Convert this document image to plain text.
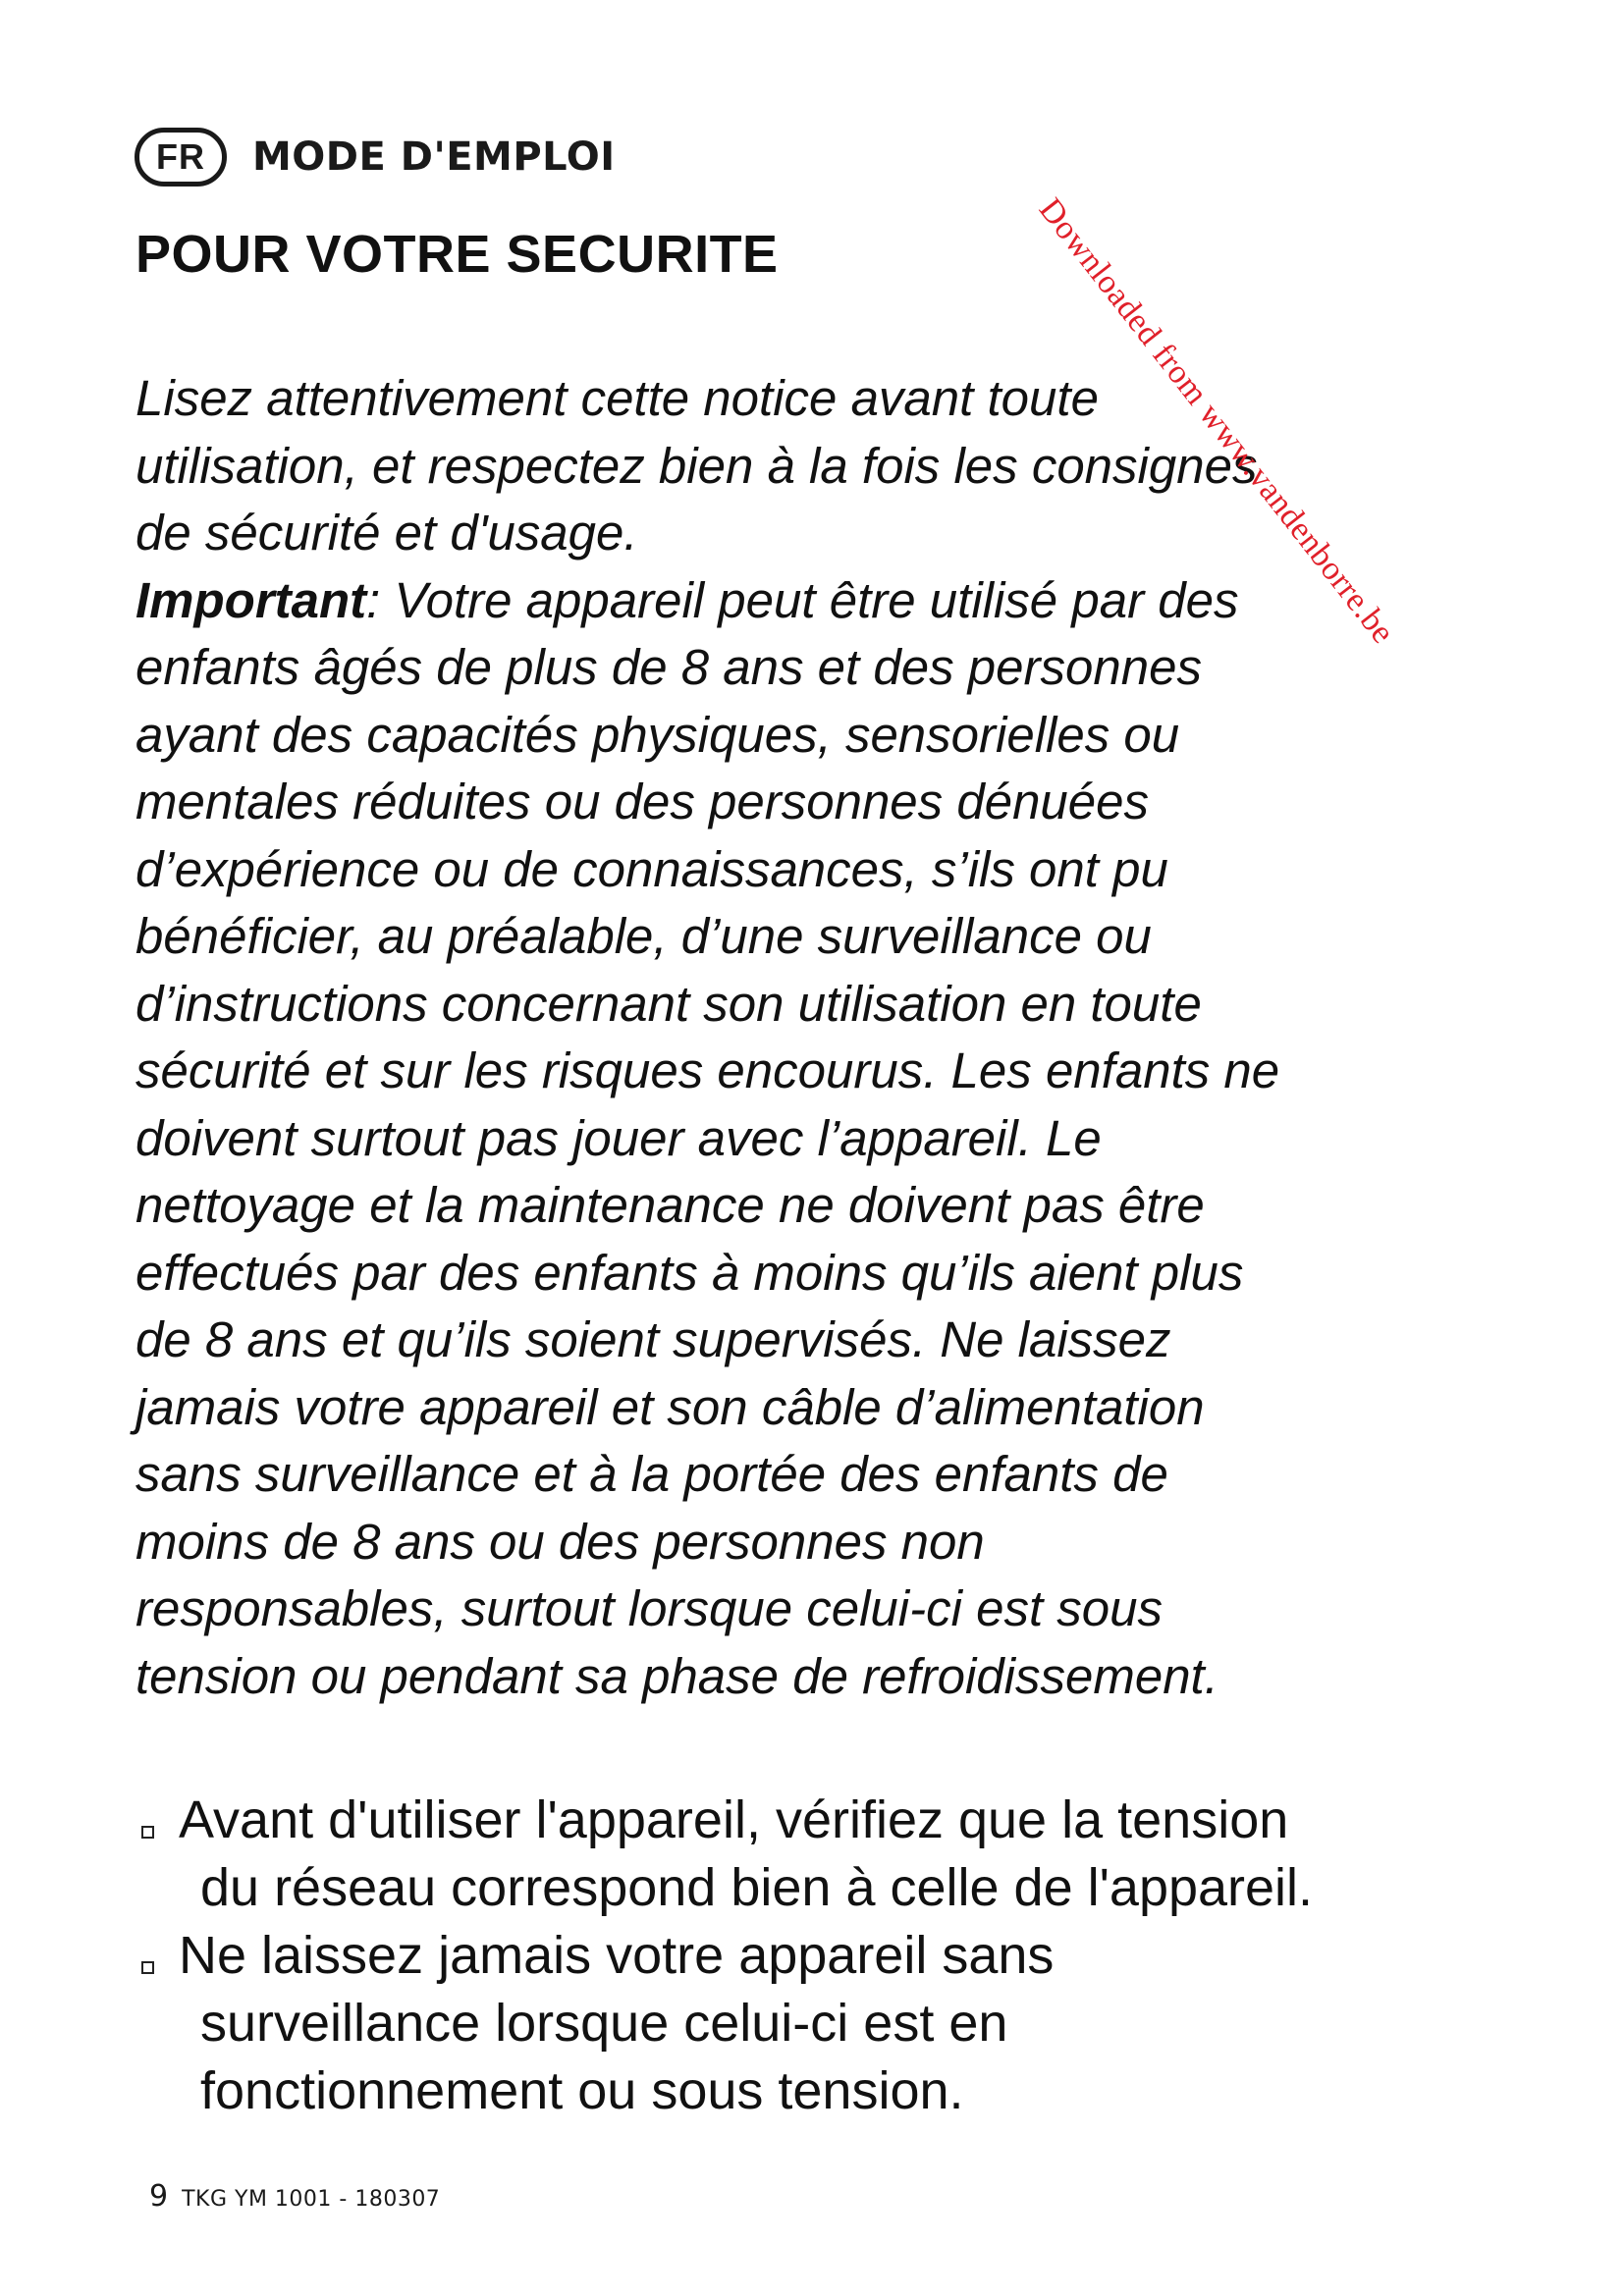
FR	MODE D'EMPLOI
POUR VOTRE SECURITE
Lisez attentivement cette notice avant toute
utilisation, et respectez bien à la fois les consignes
de sécurité et d'usage.
Important: Votre appareil peut être utilisé par des
enfants âgés de plus de 8 ans et des personnes
ayant des capacités physiques, sensorielles ou
mentales réduites ou des personnes dénuées
d’expérience ou de connaissances, s’ils ont pu
bénéficier, au préalable, d’une surveillance ou
d’instructions concernant son utilisation en toute
sécurité et sur les risques encourus. Les enfants ne
doivent surtout pas jouer avec l’appareil. Le
nettoyage et la maintenance ne doivent pas être
effectués par des enfants à moins qu’ils aient plus
de 8 ans et qu’ils soient supervisés. Ne laissez
jamais votre appareil et son câble d’alimentation
sans surveillance et à la portée des enfants de
moins de 8 ans ou des personnes non
responsables, surtout lorsque celui-ci est sous
tension ou pendant sa phase de refroidissement.
Avant d'utiliser l'appareil, vérifiez que la tension
du réseau correspond bien à celle de l'appareil.
Ne laissez jamais votre appareil sans
surveillance lorsque celui-ci est en
fonctionnement ou sous tension.
9 TKG YM 1001 - 180307
Downloaded from www.vandenborre.be
